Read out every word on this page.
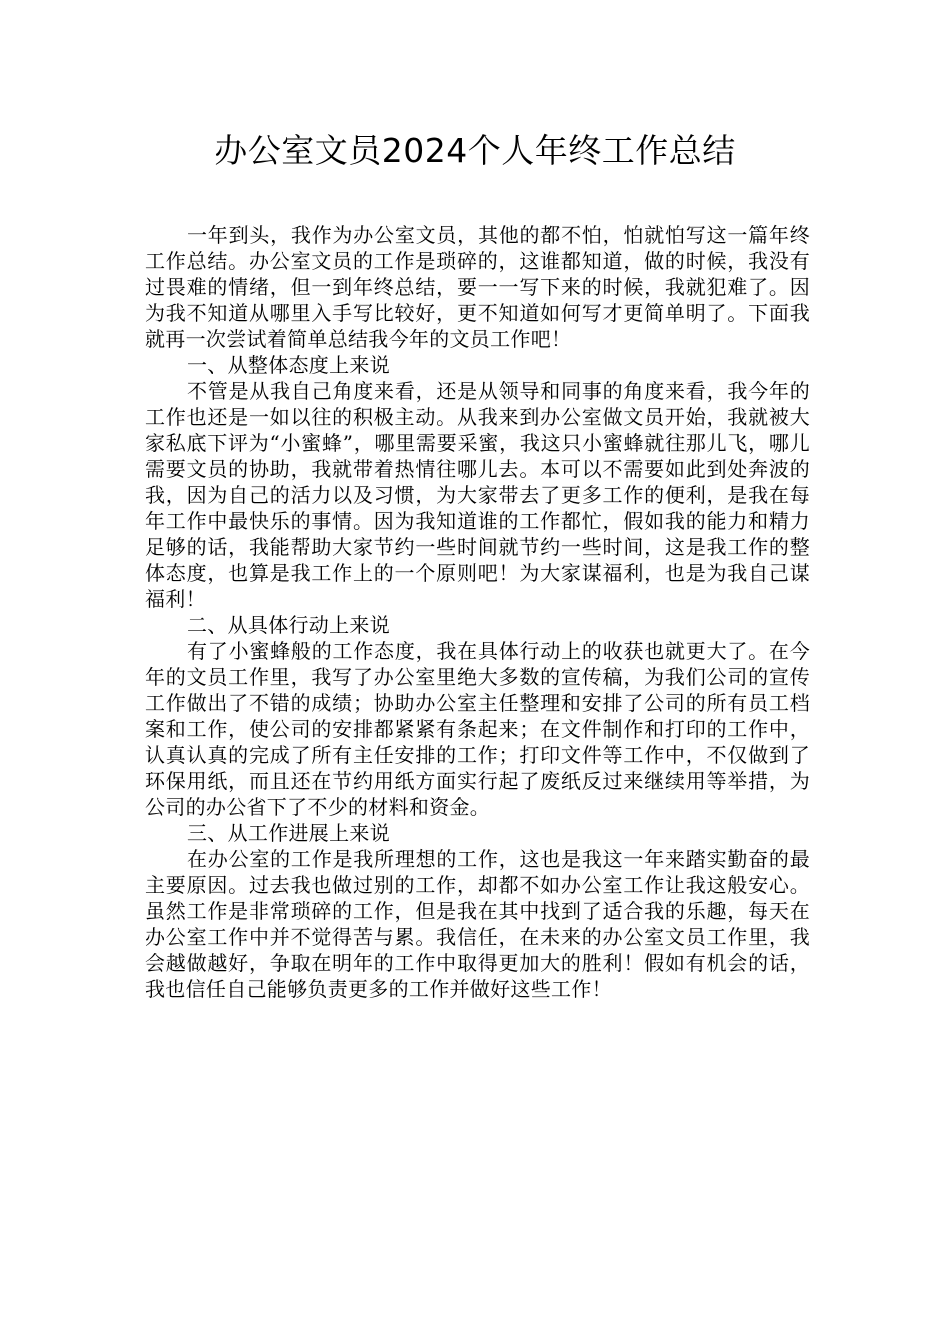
办公室文员2024个人年终工作总结

一年到头，我作为办公室文员，其他的都不怕，怕就怕写这一篇年终工作总结。办公室文员的工作是琐碎的，这谁都知道，做的时候，我没有过畏难的情绪，但一到年终总结，要一一写下来的时候，我就犯难了。因为我不知道从哪里入手写比较好，更不知道如何写才更简单明了。下面我就再一次尝试着简单总结我今年的文员工作吧！

一、从整体态度上来说

不管是从我自己角度来看，还是从领导和同事的角度来看，我今年的工作也还是一如以往的积极主动。从我来到办公室做文员开始，我就被大家私底下评为“小蜜蜂”，哪里需要采蜜，我这只小蜜蜂就往那儿飞，哪儿需要文员的协助，我就带着热情往哪儿去。本可以不需要如此到处奔波的我，因为自己的活力以及习惯，为大家带去了更多工作的便利，是我在每年工作中最快乐的事情。因为我知道谁的工作都忙，假如我的能力和精力足够的话，我能帮助大家节约一些时间就节约一些时间，这是我工作的整体态度，也算是我工作上的一个原则吧！为大家谋福利，也是为我自己谋福利！

二、从具体行动上来说

有了小蜜蜂般的工作态度，我在具体行动上的收获也就更大了。在今年的文员工作里，我写了办公室里绝大多数的宣传稿，为我们公司的宣传工作做出了不错的成绩；协助办公室主任整理和安排了公司的所有员工档案和工作，使公司的安排都紧紧有条起来；在文件制作和打印的工作中，认真认真的完成了所有主任安排的工作；打印文件等工作中，不仅做到了环保用纸，而且还在节约用纸方面实行起了废纸反过来继续用等举措，为公司的办公省下了不少的材料和资金。

三、从工作进展上来说

在办公室的工作是我所理想的工作，这也是我这一年来踏实勤奋的最主要原因。过去我也做过别的工作，却都不如办公室工作让我这般安心。虽然工作是非常琐碎的工作，但是我在其中找到了适合我的乐趣，每天在办公室工作中并不觉得苦与累。我信任，在未来的办公室文员工作里，我会越做越好，争取在明年的工作中取得更加大的胜利！假如有机会的话，我也信任自己能够负责更多的工作并做好这些工作！
